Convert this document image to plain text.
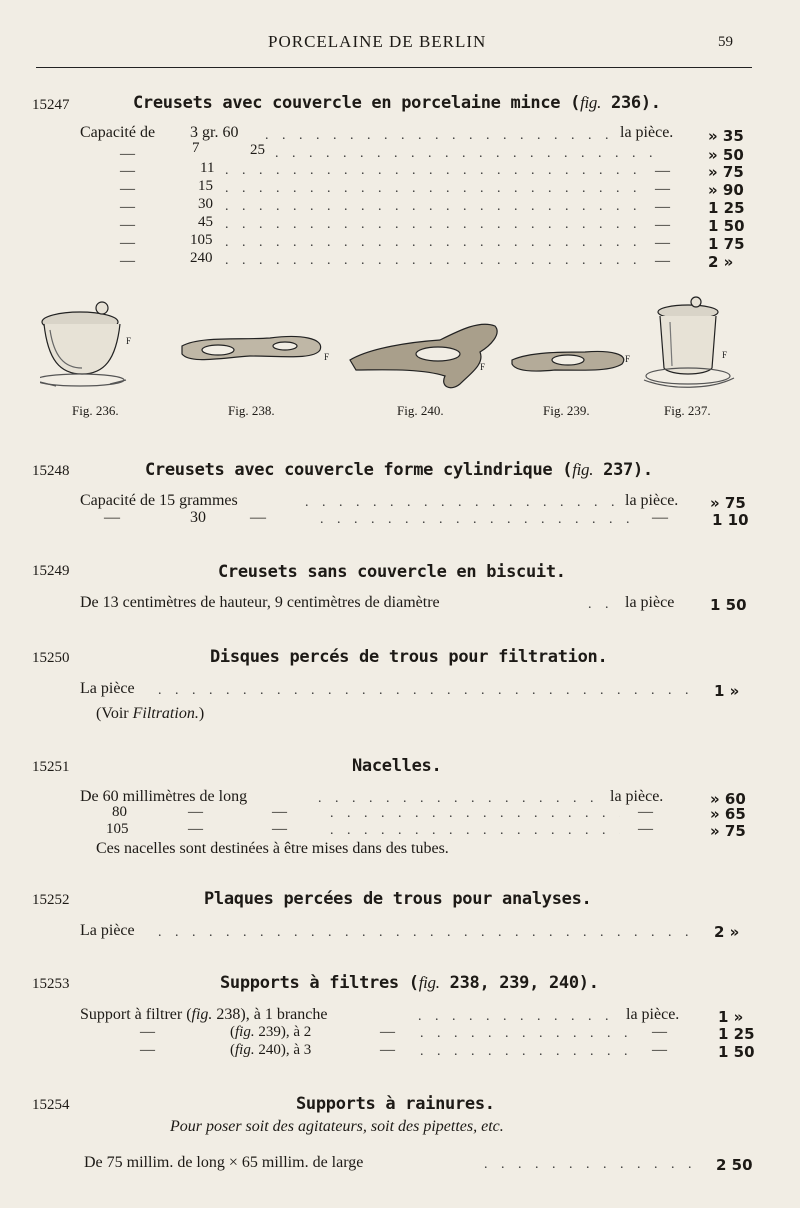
PORCELAINE DE BERLIN	59
15247	Creusets avec couvercle en porcelaine mince (fig. 236).
Capacité de 3 gr. 60 . . .	la pièce. » 35
—	7	25 . . .	» 50
—	11 . . .	—	» 75
—	15 . . .	—	» 90
—	30 . . .	—	1 25
—	45 . . .	—	1 50
—	105 . . .	—	1 75
—	240 . . .	—	2 »
F
F
F
F	F
Fig. 236.	Fig. 238.	Fig. 240.	Fig. 239.	Fig. 237.
15248	Creusets avec couvercle forme cylindrique (fig. 237).
Capacité de 15 grammes . . .	la pièce. » 75
—	30	— . . .	—	1 10
15249	Creusets sans couvercle en biscuit.
De 13 centimètres de hauteur, 9 centimètres de diamètre . . .	la pièce 1 50
15250	Disques percés de trous pour filtration.
La pièce . . .	1 »
(Voir Filtration.)
15251	Nacelles.
De 60 millimètres de long . . .	la pièce.	» 60
80	—	— . . .	—	» 65
105	—	— . . .	—	» 75
Ces nacelles sont destinées à être mises dans des tubes.
15252	Plaques percées de trous pour analyses.
La pièce . . .	2 »
15253	Supports à filtres (fig. 238, 239, 240).
Support à filtrer (fig. 238), à 1 branche . . .	la pièce.	1 »
—	(fig. 239), à 2	— . . .	—	1 25
—	(fig. 240), à 3	— . . .	—	1 50
15254	Supports à rainures.
Pour poser soit des agitateurs, soit des pipettes, etc.
De 75 millim. de long × 65 millim. de large . . .	2 50
